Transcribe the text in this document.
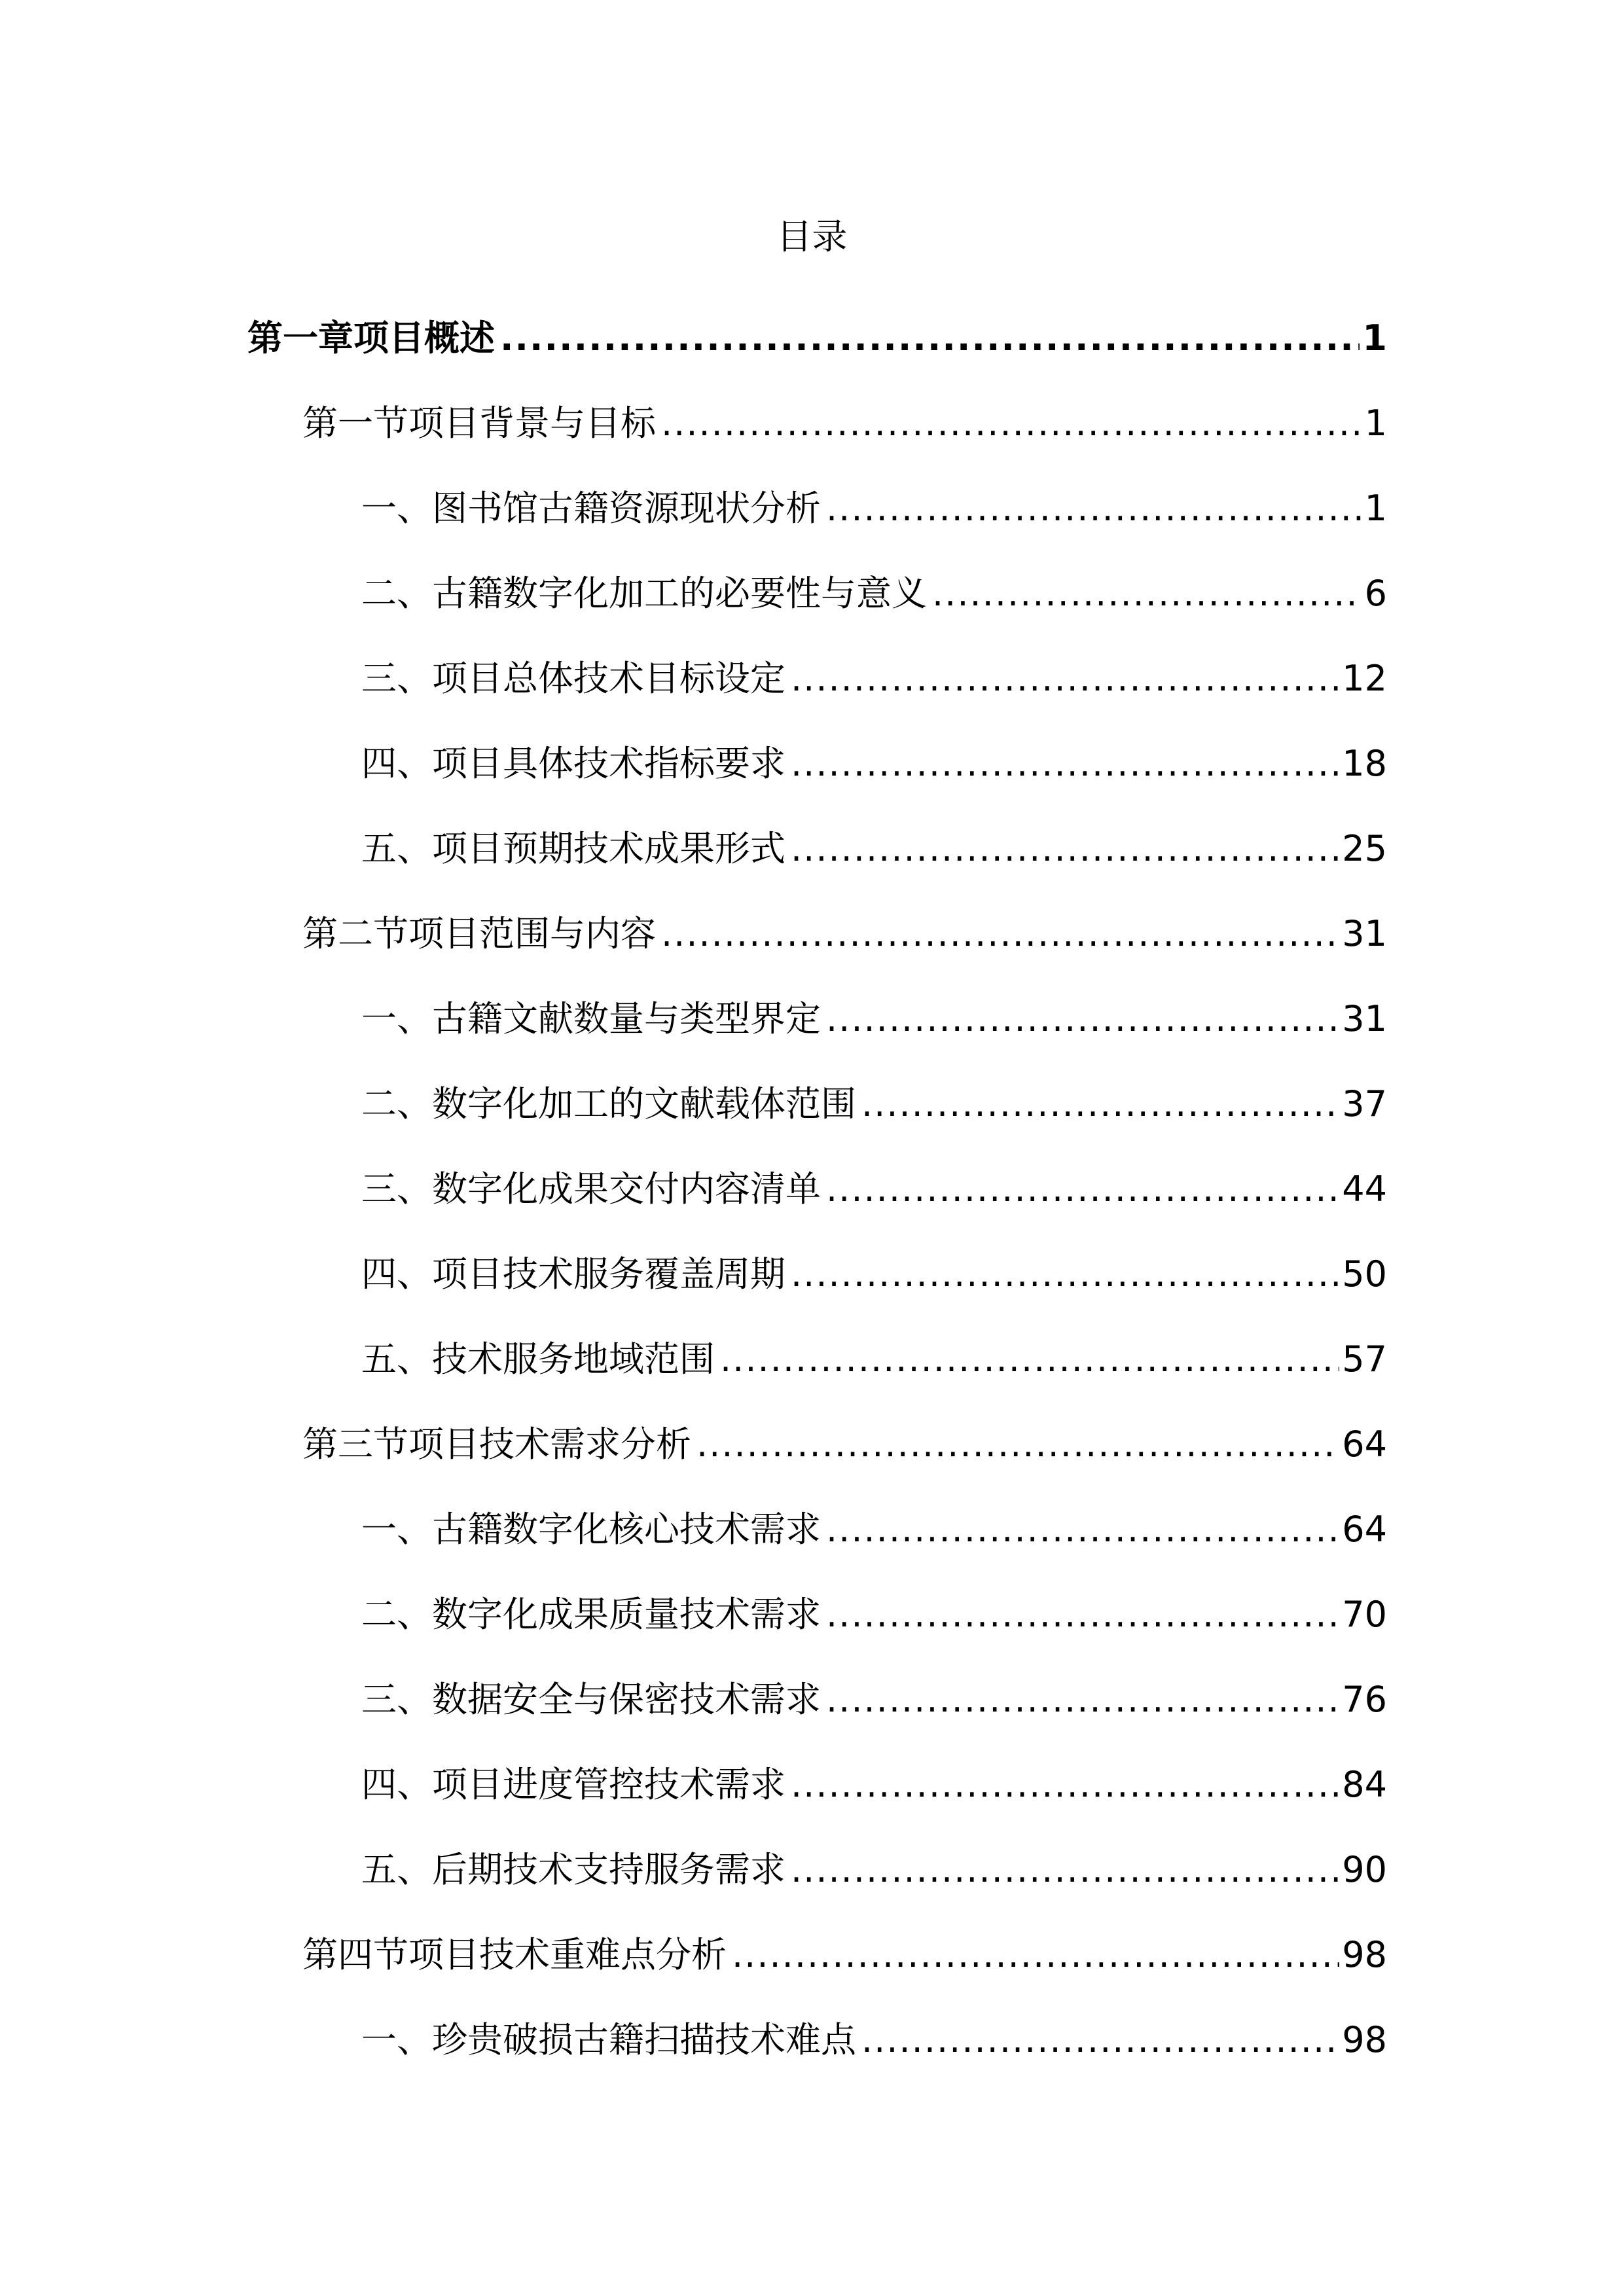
目录
第一章项目概述 .....	1
第一节项目背景与目标 .....	1
一、图书馆古籍资源现状分析 .....	1
二、古籍数字化加工的必要性与意义 .....	6
三、项目总体技术目标设定 .....	12
四、项目具体技术指标要求 .....	18
五、项目预期技术成果形式 .....	25
第二节项目范围与内容 .....	31
一、古籍文献数量与类型界定 .....	31
二、数字化加工的文献载体范围 .....	37
三、数字化成果交付内容清单 .....	44
四、项目技术服务覆盖周期 .....	50
五、技术服务地域范围 .....	57
第三节项目技术需求分析 .....	64
一、古籍数字化核心技术需求 .....	64
二、数字化成果质量技术需求 .....	70
三、数据安全与保密技术需求 .....	76
四、项目进度管控技术需求 .....	84
五、后期技术支持服务需求 .....	90
第四节项目技术重难点分析 .....	98
一、珍贵破损古籍扫描技术难点 .....	98
